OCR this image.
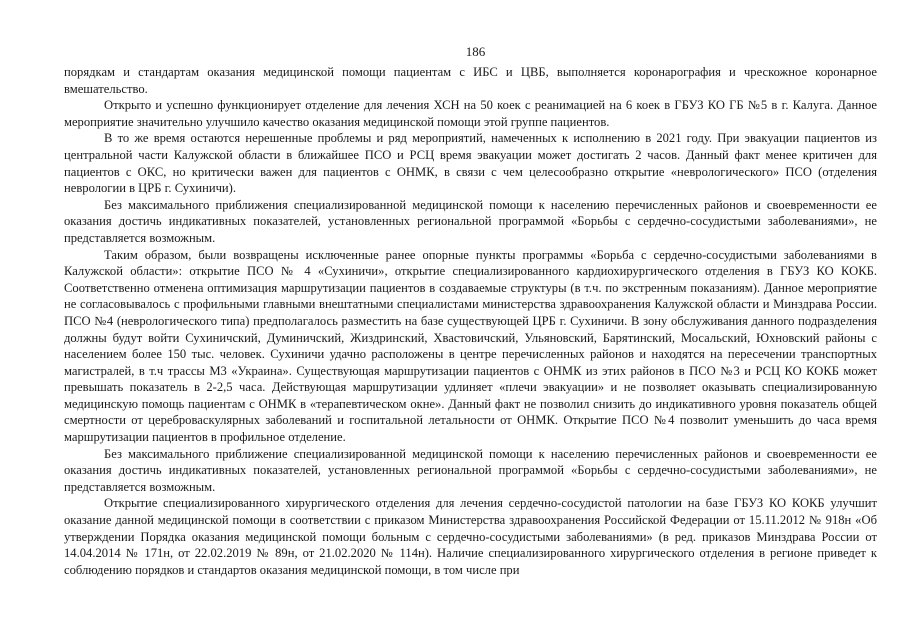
186

порядкам и стандартам оказания медицинской помощи пациентам с ИБС и ЦВБ, выполняется коронарография и чрескожное коронарное вмешательство.

Открыто и успешно функционирует отделение для лечения ХСН на 50 коек с реанимацией на 6 коек в ГБУЗ КО ГБ №5 в г. Калуга. Данное мероприятие значительно улучшило качество оказания медицинской помощи этой группе пациентов.

В то же время остаются нерешенные проблемы и ряд мероприятий, намеченных к исполнению в 2021 году. При эвакуации пациентов из центральной части Калужской области в ближайшее ПСО и РСЦ время эвакуации может достигать 2 часов. Данный факт менее критичен для пациентов с ОКС, но критически важен для пациентов с ОНМК, в связи с чем целесообразно открытие «неврологического» ПСО (отделения неврологии в ЦРБ г. Сухиничи).

Без максимального приближения специализированной медицинской помощи к населению перечисленных районов и своевременности ее оказания достичь индикативных показателей, установленных региональной программой «Борьбы с сердечно-сосудистыми заболеваниями», не представляется возможным.

Таким образом, были возвращены исключенные ранее опорные пункты программы «Борьба с сердечно-сосудистыми заболеваниями в Калужской области»: открытие ПСО № 4 «Сухиничи», открытие специализированного кардиохирургического отделения в ГБУЗ КО КОКБ. Соответственно отменена оптимизация маршрутизации пациентов в создаваемые структуры (в т.ч. по экстренным показаниям). Данное мероприятие не согласовывалось с профильными главными внештатными специалистами министерства здравоохранения Калужской области и Минздрава России. ПСО №4 (неврологического типа) предполагалось разместить на базе существующей ЦРБ г. Сухиничи. В зону обслуживания данного подразделения должны будут войти Сухиничский, Думиничский, Жиздринский, Хвастовичский, Ульяновский, Барятинский, Мосальский, Юхновский районы с населением более 150 тыс. человек. Сухиничи удачно расположены в центре перечисленных районов и находятся на пересечении транспортных магистралей, в т.ч трассы М3 «Украина». Существующая маршрутизации пациентов с ОНМК из этих районов в ПСО №3 и РСЦ КО КОКБ может превышать показатель в 2-2,5 часа. Действующая маршрутизации удлиняет «плечи эвакуации» и не позволяет оказывать специализированную медицинскую помощь пациентам с ОНМК в «терапевтическом окне». Данный факт не позволил снизить до индикативного уровня показатель общей смертности от цереброваскулярных заболеваний и госпитальной летальности от ОНМК. Открытие ПСО №4 позволит уменьшить до часа время маршрутизации пациентов в профильное отделение.

Без максимального приближение специализированной медицинской помощи к населению перечисленных районов и своевременности ее оказания достичь индикативных показателей, установленных региональной программой «Борьбы с сердечно-сосудистыми заболеваниями», не представляется возможным.

Открытие специализированного хирургического отделения для лечения сердечно-сосудистой патологии на базе ГБУЗ КО КОКБ улучшит оказание данной медицинской помощи в соответствии с приказом Министерства здравоохранения Российской Федерации от 15.11.2012 № 918н «Об утверждении Порядка оказания медицинской помощи больным с сердечно-сосудистыми заболеваниями» (в ред. приказов Минздрава России от 14.04.2014 № 171н, от 22.02.2019 № 89н, от 21.02.2020 № 114н). Наличие специализированного хирургического отделения в регионе приведет к соблюдению порядков и стандартов оказания медицинской помощи, в том числе при
